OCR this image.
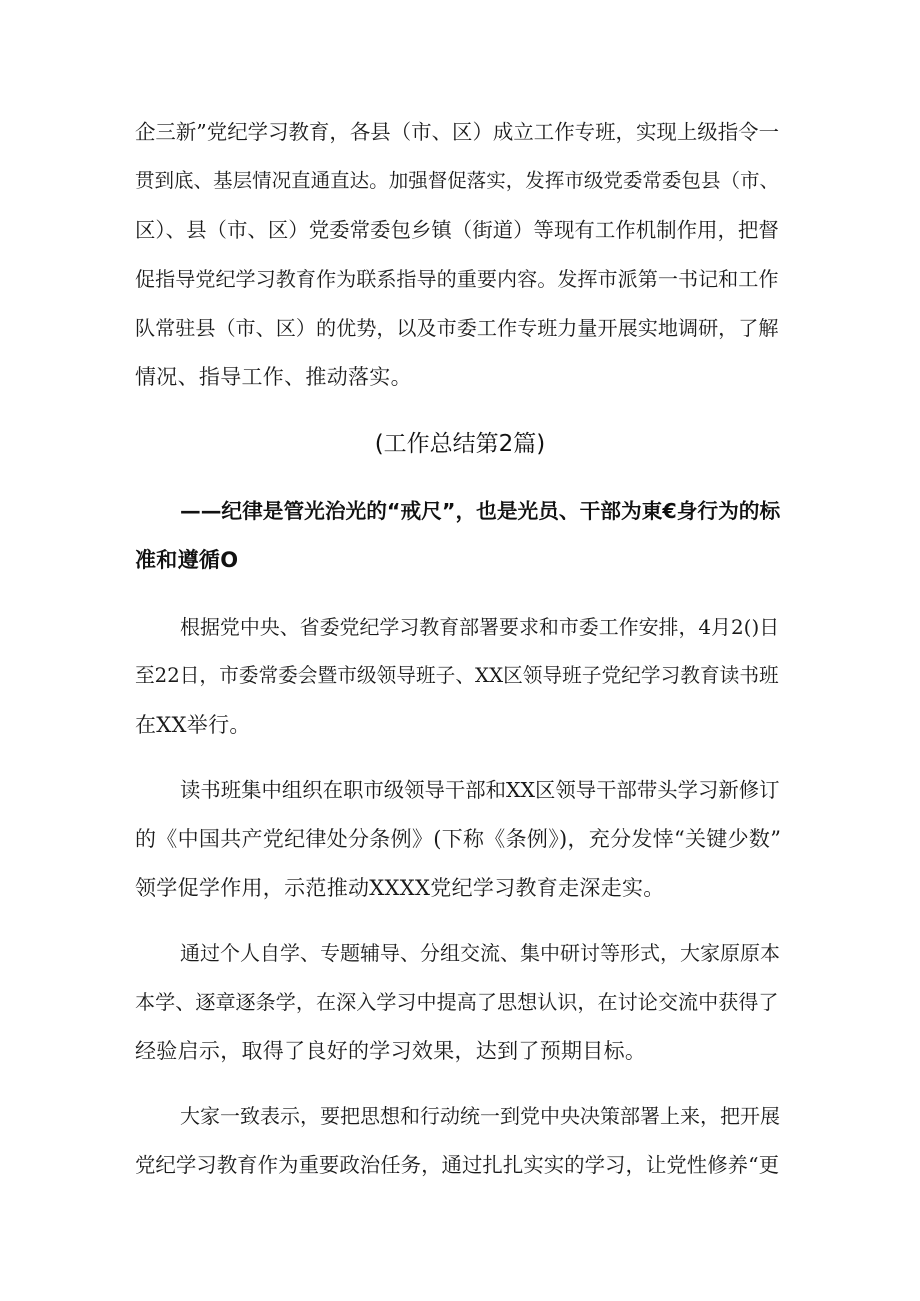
企三新”党纪学习教育，各县（市、区）成立工作专班，实现上级指令一
贯到底、基层情况直通直达。加强督促落实，发挥市级党委常委包县（市、
区）、县（市、区）党委常委包乡镇（街道）等现有工作机制作用，把督
促指导党纪学习教育作为联系指导的重要内容。发挥市派第一书记和工作
队常驻县（市、区）的优势，以及市委工作专班力量开展实地调研，了解
情况、指导工作、推动落实。
(工作总结第2篇)
——纪律是管光治光的“戒尺”，也是光员、干部为東€身行为的标
准和遵循O
根据党中央、省委党纪学习教育部署要求和市委工作安排，4月2()日
至22日，市委常委会暨市级领导班子、XX区领导班子党纪学习教育读书班
在XX举行。
读书班集中组织在职市级领导干部和XX区领导干部带头学习新修订
的《中国共产党纪律处分条例》(下称《条例》)，充分发悻“关键少数”
领学促学作用，示范推动XXXX党纪学习教育走深走实。
通过个人自学、专题辅导、分组交流、集中研讨等形式，大家原原本
本学、逐章逐条学，在深入学习中提高了思想认识，在讨论交流中获得了
经验启示，取得了良好的学习效果，达到了预期目标。
大家一致表示，要把思想和行动统一到党中央决策部署上来，把开展
党纪学习教育作为重要政治任务，通过扎扎实实的学习，让党性修养“更
